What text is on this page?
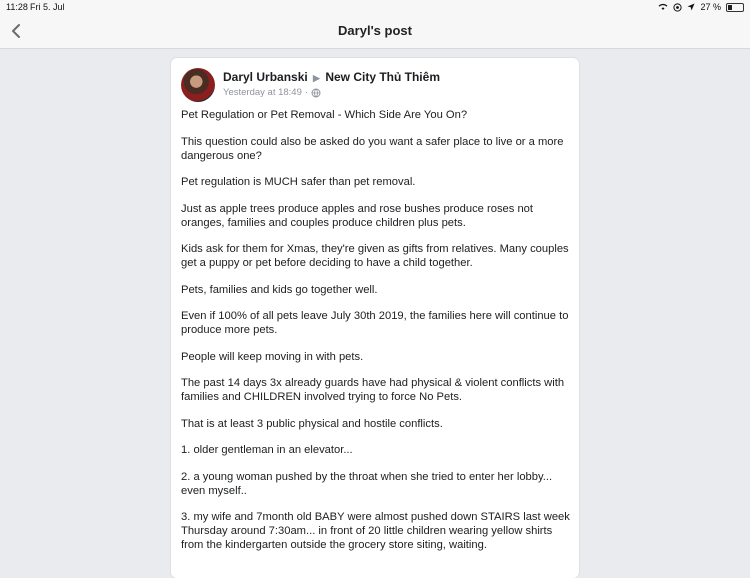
11:28 Fri 5. Jul	27 %
Daryl's post
Daryl Urbanski ▶ New City Thủ Thiêm
Yesterday at 18:49 ·

Pet Regulation or Pet Removal - Which Side Are You On?

This question could also be asked do you want a safer place to live or a more dangerous one?

Pet regulation is MUCH safer than pet removal.

Just as apple trees produce apples and rose bushes produce roses not oranges, families and couples produce children plus pets.

Kids ask for them for Xmas, they're given as gifts from relatives. Many couples get a puppy or pet before deciding to have a child together.

Pets, families and kids go together well.

Even if 100% of all pets leave July 30th 2019, the families here will continue to produce more pets.

People will keep moving in with pets.

The past 14 days 3x already guards have had physical & violent conflicts with families and CHILDREN involved trying to force No Pets.

That is at least 3 public physical and hostile conflicts.

1. older gentleman in an elevator...

2. a young woman pushed by the throat when she tried to enter her lobby... even myself..

3. my wife and 7month old BABY were almost pushed down STAIRS last week Thursday around 7:30am... in front of 20 little children wearing yellow shirts from the kindergarten outside the grocery store siting, waiting.
